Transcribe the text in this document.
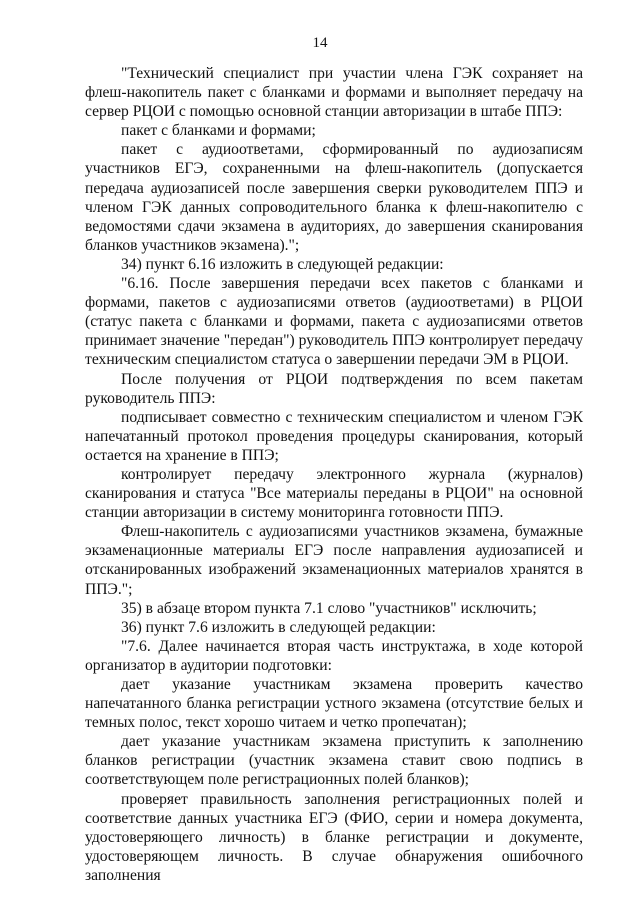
14

"Технический специалист при участии члена ГЭК сохраняет на флеш-накопитель пакет с бланками и формами и выполняет передачу на сервер РЦОИ с помощью основной станции авторизации в штабе ППЭ:

пакет с бланками и формами;

пакет с аудиоответами, сформированный по аудиозаписям участников ЕГЭ, сохраненными на флеш-накопитель (допускается передача аудиозаписей после завершения сверки руководителем ППЭ и членом ГЭК данных сопроводительного бланка к флеш-накопителю с ведомостями сдачи экзамена в аудиториях, до завершения сканирования бланков участников экзамена).";

34) пункт 6.16 изложить в следующей редакции:

"6.16. После завершения передачи всех пакетов с бланками и формами, пакетов с аудиозаписями ответов (аудиоответами) в РЦОИ (статус пакета с бланками и формами, пакета с аудиозаписями ответов принимает значение "передан") руководитель ППЭ контролирует передачу техническим специалистом статуса о завершении передачи ЭМ в РЦОИ.

После получения от РЦОИ подтверждения по всем пакетам руководитель ППЭ:

подписывает совместно с техническим специалистом и членом ГЭК напечатанный протокол проведения процедуры сканирования, который остается на хранение в ППЭ;

контролирует передачу электронного журнала (журналов) сканирования и статуса "Все материалы переданы в РЦОИ" на основной станции авторизации в систему мониторинга готовности ППЭ.

Флеш-накопитель с аудиозаписями участников экзамена, бумажные экзаменационные материалы ЕГЭ после направления аудиозаписей и отсканированных изображений экзаменационных материалов хранятся в ППЭ.";

35) в абзаце втором пункта 7.1 слово "участников" исключить;

36) пункт 7.6 изложить в следующей редакции:

"7.6. Далее начинается вторая часть инструктажа, в ходе которой организатор в аудитории подготовки:

дает указание участникам экзамена проверить качество напечатанного бланка регистрации устного экзамена (отсутствие белых и темных полос, текст хорошо читаем и четко пропечатан);

дает указание участникам экзамена приступить к заполнению бланков регистрации (участник экзамена ставит свою подпись в соответствующем поле регистрационных полей бланков);

проверяет правильность заполнения регистрационных полей и соответствие данных участника ЕГЭ (ФИО, серии и номера документа, удостоверяющего личность) в бланке регистрации и документе, удостоверяющем личность. В случае обнаружения ошибочного заполнения
